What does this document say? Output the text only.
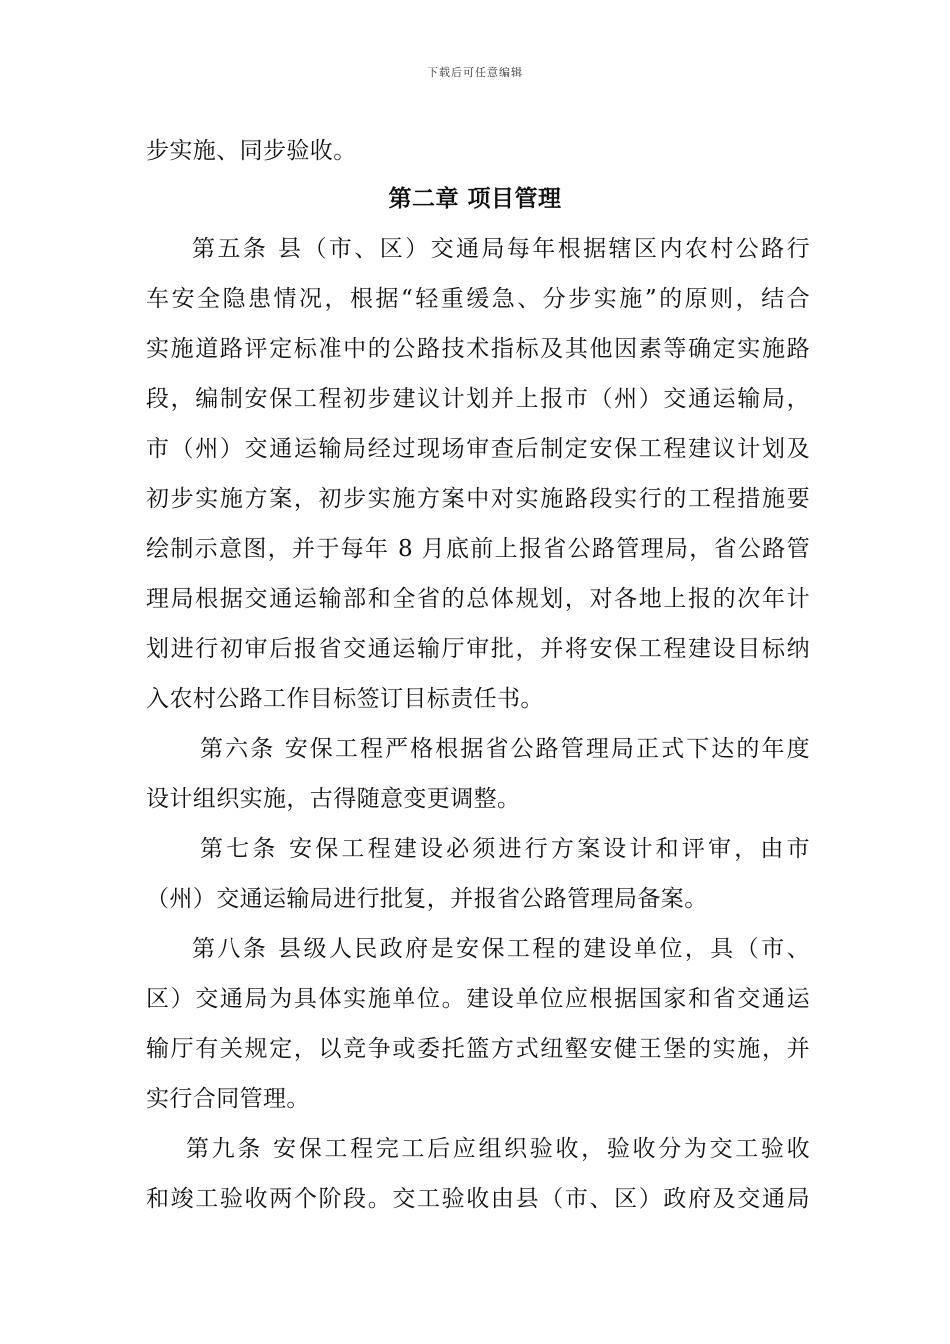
下载后可任意编辑
步实施、同步验收。
第二章 项目管理
第五条 县（市、区）交通局每年根据辖区内农村公路行
车安全隐患情况，根据“轻重缓急、分步实施”的原则，结合
实施道路评定标准中的公路技术指标及其他因素等确定实施路
段，编制安保工程初步建议计划并上报市（州）交通运输局，
市（州）交通运输局经过现场审查后制定安保工程建议计划及
初步实施方案，初步实施方案中对实施路段实行的工程措施要
绘制示意图，并于每年 8 月底前上报省公路管理局，省公路管
理局根据交通运输部和全省的总体规划，对各地上报的次年计
划进行初审后报省交通运输厅审批，并将安保工程建设目标纳
入农村公路工作目标签订目标责任书。
第六条 安保工程严格根据省公路管理局正式下达的年度
设计组织实施，古得随意变更调整。
第七条 安保工程建设必须进行方案设计和评审，由市
（州）交通运输局进行批复，并报省公路管理局备案。
第八条 县级人民政府是安保工程的建设单位，具（市、
区）交通局为具体实施单位。建设单位应根据国家和省交通运
输厅有关规定，以竞争或委托篮方式纽壑安健王堡的实施，并
实行合同管理。
第九条 安保工程完工后应组织验收，验收分为交工验收
和竣工验收两个阶段。交工验收由县（市、区）政府及交通局
